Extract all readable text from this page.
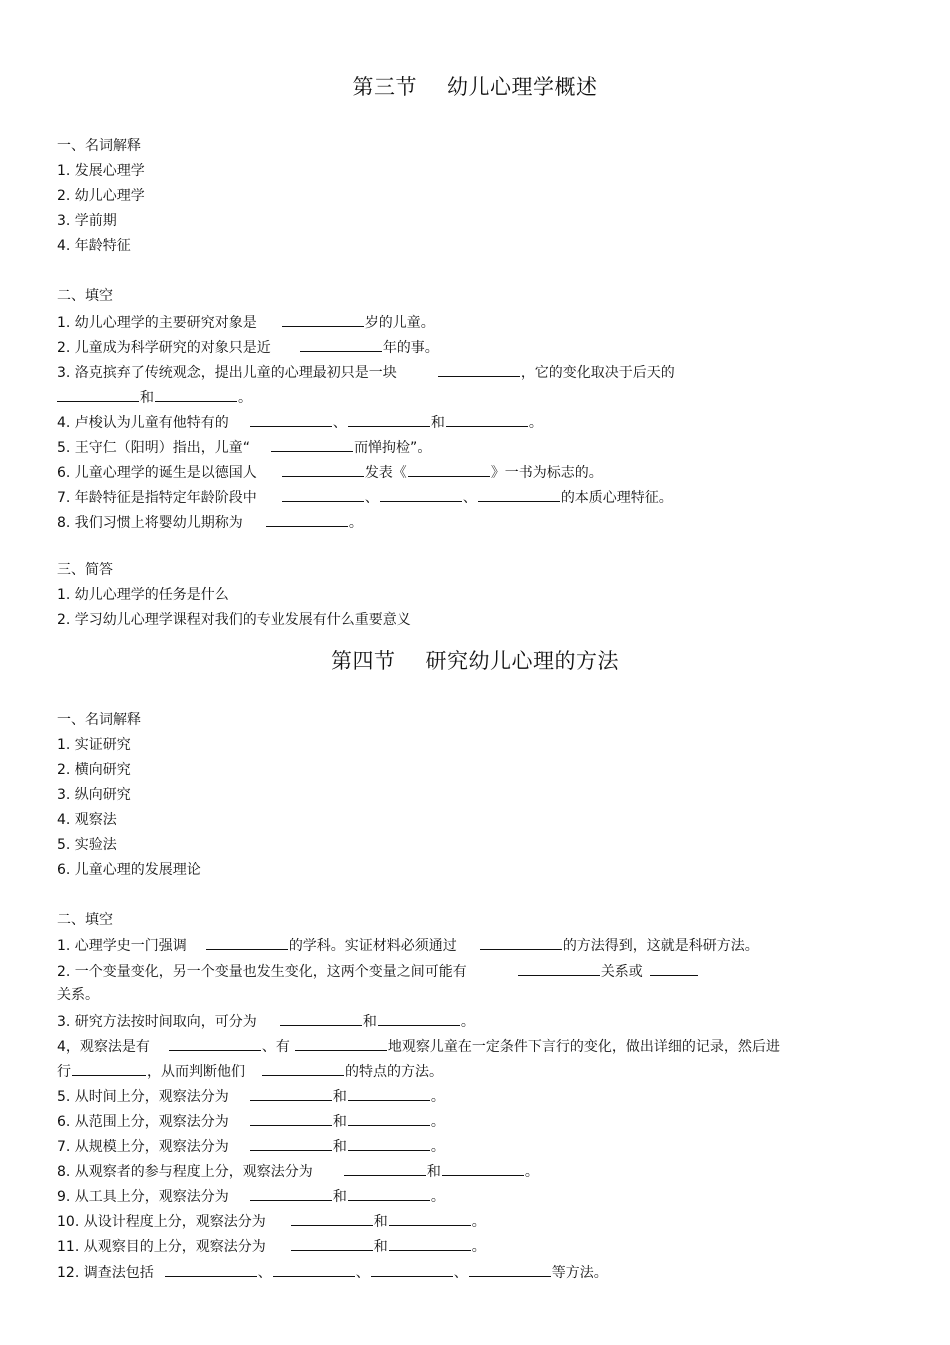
第三节 幼儿心理学概述
一、名词解释
1. 发展心理学
2. 幼儿心理学
3. 学前期
4. 年龄特征
二、填空
1. 幼儿心理学的主要研究对象是	岁的儿童。
2. 儿童成为科学研究的对象只是近	年的事。
3. 洛克摈弃了传统观念，提出儿童的心理最初只是一块	，它的变化取决于后天的
和	。
4. 卢梭认为儿童有他特有的	、	和	。
5. 王守仁（阳明）指出，儿童“	而惮拘检”。
6. 儿童心理学的诞生是以德国人	发表《	》一书为标志的。
7. 年龄特征是指特定年龄阶段中	、	、	的本质心理特征。
8. 我们习惯上将婴幼儿期称为	。
三、简答
1. 幼儿心理学的任务是什么
2. 学习幼儿心理学课程对我们的专业发展有什么重要意义
第四节 研究幼儿心理的方法
一、名词解释
1. 实证研究
2. 横向研究
3. 纵向研究
4. 观察法
5. 实验法
6. 儿童心理的发展理论
二、填空
1. 心理学史一门强调	的学科。实证材料必须通过	的方法得到，这就是科研方法。
2. 一个变量变化，另一个变量也发生变化，这两个变量之间可能有	关系或
关系。
3. 研究方法按时间取向，可分为	和	。
4，观察法是有	、有	地观察儿童在一定条件下言行的变化，做出详细的记录，然后进
行	，从而判断他们	的特点的方法。
5. 从时间上分，观察法分为	和	。
6. 从范围上分，观察法分为	和	。
7. 从规模上分，观察法分为	和	。
8. 从观察者的参与程度上分，观察法分为	和	。
9. 从工具上分，观察法分为	和	。
10. 从设计程度上分，观察法分为	和	。
11. 从观察目的上分，观察法分为	和	。
12. 调查法包括	、	、	、	等方法。
